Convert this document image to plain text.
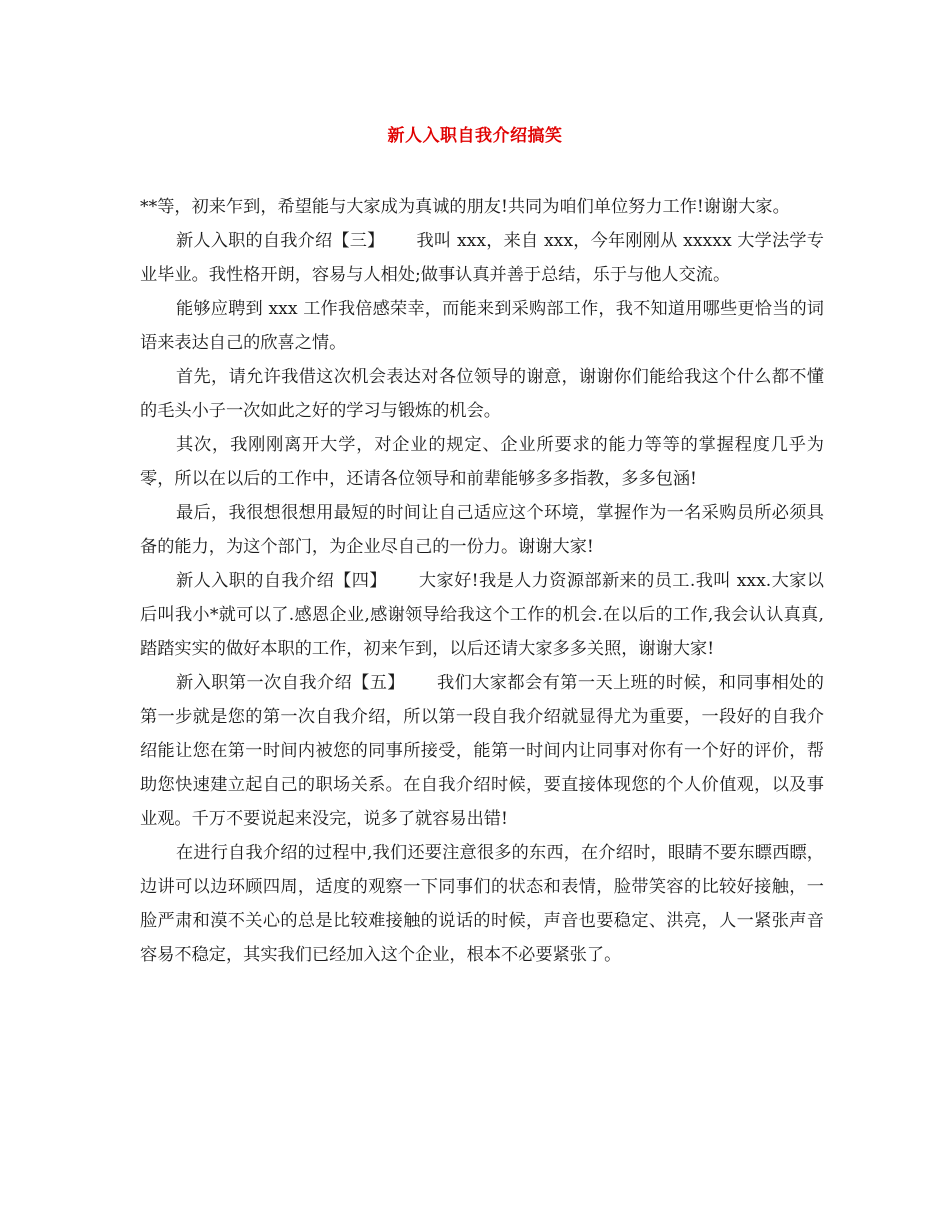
新人入职自我介绍搞笑

**等，初来乍到，希望能与大家成为真诚的朋友!共同为咱们单位努力工作!谢谢大家。

新人入职的自我介绍【三】 我叫 xxx，来自 xxx，今年刚刚从 xxxxx 大学法学专业毕业。我性格开朗，容易与人相处;做事认真并善于总结，乐于与他人交流。

能够应聘到 xxx 工作我倍感荣幸，而能来到采购部工作，我不知道用哪些更恰当的词语来表达自己的欣喜之情。

首先，请允许我借这次机会表达对各位领导的谢意，谢谢你们能给我这个什么都不懂的毛头小子一次如此之好的学习与锻炼的机会。

其次，我刚刚离开大学，对企业的规定、企业所要求的能力等等的掌握程度几乎为零，所以在以后的工作中，还请各位领导和前辈能够多多指教，多多包涵!

最后，我很想很想用最短的时间让自己适应这个环境，掌握作为一名采购员所必须具备的能力，为这个部门，为企业尽自己的一份力。谢谢大家!

新人入职的自我介绍【四】 大家好!我是人力资源部新来的员工.我叫 xxx.大家以后叫我小*就可以了.感恩企业,感谢领导给我这个工作的机会.在以后的工作,我会认认真真,踏踏实实的做好本职的工作，初来乍到，以后还请大家多多关照，谢谢大家!

新入职第一次自我介绍【五】 我们大家都会有第一天上班的时候，和同事相处的第一步就是您的第一次自我介绍，所以第一段自我介绍就显得尤为重要，一段好的自我介绍能让您在第一时间内被您的同事所接受，能第一时间内让同事对你有一个好的评价，帮助您快速建立起自己的职场关系。在自我介绍时候，要直接体现您的个人价值观，以及事业观。千万不要说起来没完，说多了就容易出错!

在进行自我介绍的过程中,我们还要注意很多的东西，在介绍时，眼睛不要东瞟西瞟，边讲可以边环顾四周，适度的观察一下同事们的状态和表情，脸带笑容的比较好接触，一脸严肃和漠不关心的总是比较难接触的说话的时候，声音也要稳定、洪亮，人一紧张声音容易不稳定，其实我们已经加入这个企业，根本不必要紧张了。
